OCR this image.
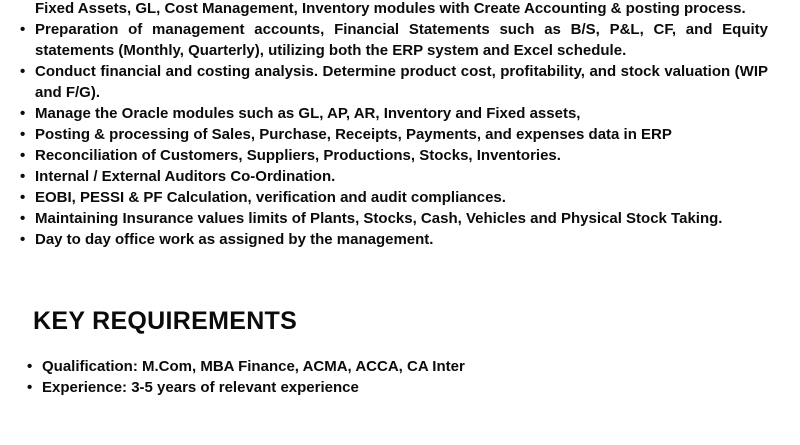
Fixed Assets, GL, Cost Management, Inventory modules with Create Accounting & posting process.
• Preparation of management accounts, Financial Statements such as B/S, P&L, CF, and Equity statements (Monthly, Quarterly), utilizing both the ERP system and Excel schedule.
• Conduct financial and costing analysis. Determine product cost, profitability, and stock valuation (WIP and F/G).
• Manage the Oracle modules such as GL, AP, AR, Inventory and Fixed assets,
• Posting & processing of Sales, Purchase, Receipts, Payments, and expenses data in ERP
• Reconciliation of Customers, Suppliers, Productions, Stocks, Inventories.
• Internal / External Auditors Co-Ordination.
• EOBI, PESSI & PF Calculation, verification and audit compliances.
• Maintaining Insurance values limits of Plants, Stocks, Cash, Vehicles and Physical Stock Taking.
• Day to day office work as assigned by the management.
KEY REQUIREMENTS
• Qualification: M.Com, MBA Finance, ACMA, ACCA, CA Inter
• Experience: 3-5 years of relevant experience
